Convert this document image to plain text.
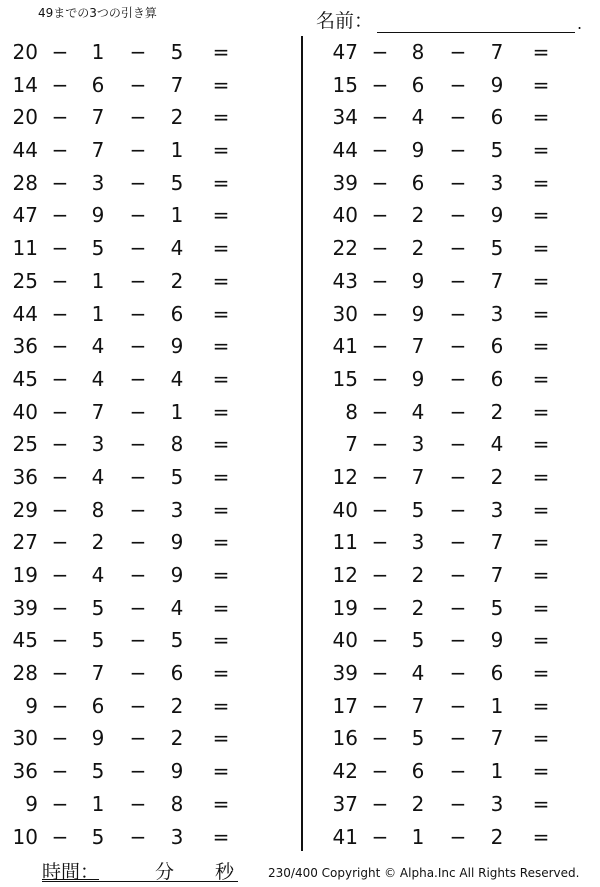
49までの3つの引き算	名前：	.
20 − 1 −	5	=
14 − 6 −	7	=
20 − 7 −	2	=
44 − 7 −	1	=
28 − 3 −	5	=
47 − 9 −	1	=
11 − 5 −	4	=
25 − 1 −	2	=
44 − 1 −	6	=
36 − 4 −	9	=
45 − 4 −	4	=
40 − 7 −	1	=
25 − 3 −	8	=
36 − 4 −	5	=
29 − 8 −	3	=
27 − 2 −	9	=
19 − 4 −	9	=
39 − 5 −	4	=
45 − 5 −	5	=
28 − 7 −	6	=
9 − 6 −	2	=
30 − 9 −	2	=
36 − 5 −	9	=
9 − 1 −	8	=
10 − 5 −	3	=
47 − 8 −	7	=
15 − 6 −	9	=
34 − 4 −	6	=
44 − 9 −	5	=
39 − 6 −	3	=
40 − 2 −	9	=
22 − 2 −	5	=
43 − 9 −	7	=
30 − 9 −	3	=
41 − 7 −	6	=
15 − 9 −	6	=
8 − 4 −	2	=
7 − 3 −	4	=
12 − 7 −	2	=
40 − 5 −	3	=
11 − 3 −	7	=
12 − 2 −	7	=
19 − 2 −	5	=
40 − 5 −	9	=
39 − 4 −	6	=
17 − 7 −	1	=
16 − 5 −	7	=
42 − 6 −	1	=
37 − 2 −	3	=
41 − 1 −	2	=
時間：	分 秒	230/400 Copyright © Alpha.Inc All Rights Reserved.
